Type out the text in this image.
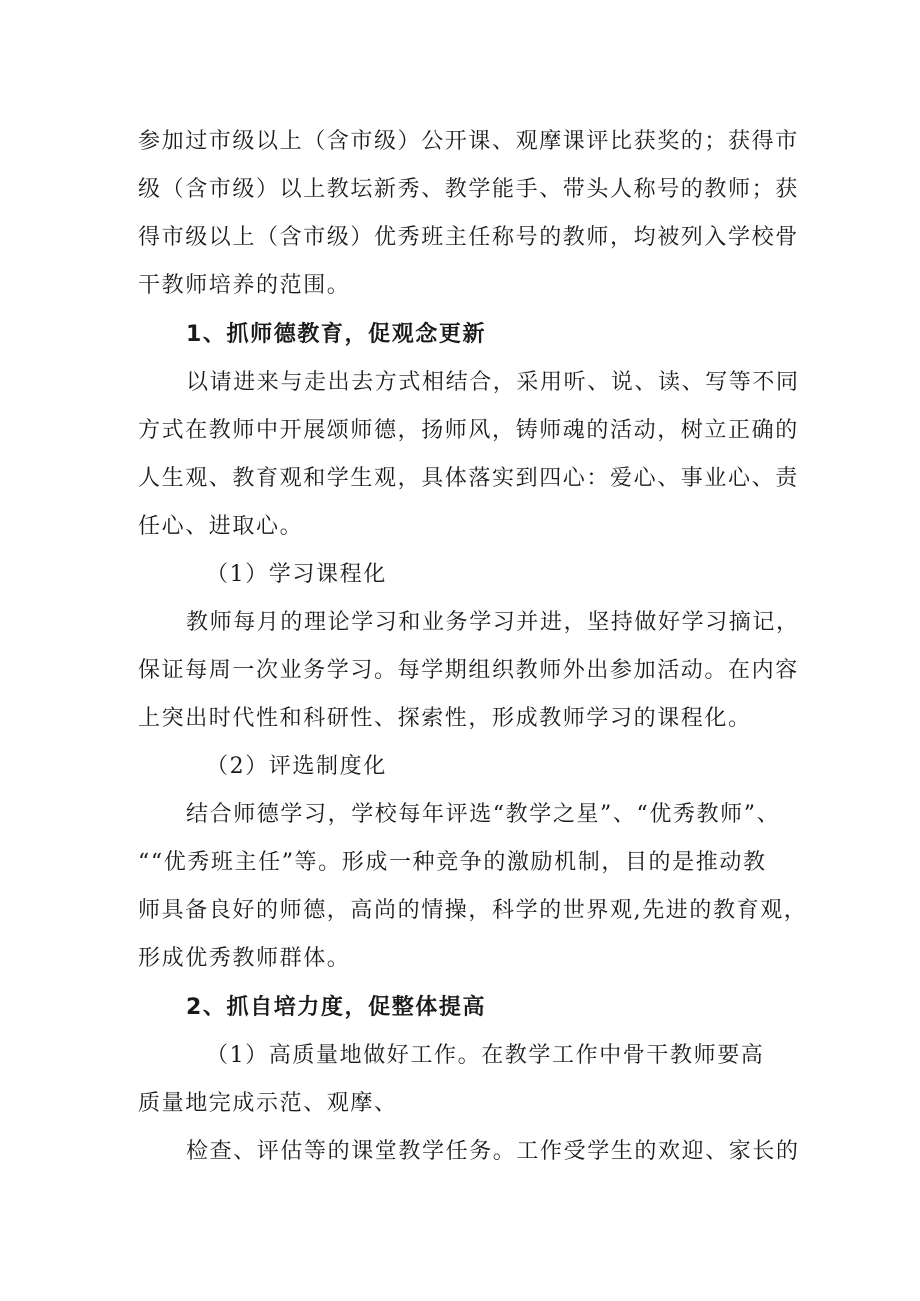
参加过市级以上（含市级）公开课、观摩课评比获奖的；获得市
级（含市级）以上教坛新秀、教学能手、带头人称号的教师；获
得市级以上（含市级）优秀班主任称号的教师，均被列入学校骨
干教师培养的范围。
1、抓师德教育，促观念更新
以请进来与走出去方式相结合，采用听、说、读、写等不同
方式在教师中开展颂师德，扬师风，铸师魂的活动，树立正确的
人生观、教育观和学生观，具体落实到四心：爱心、事业心、责
任心、进取心。
（1）学习课程化
教师每月的理论学习和业务学习并进，坚持做好学习摘记，
保证每周一次业务学习。每学期组织教师外出参加活动。在内容
上突出时代性和科研性、探索性，形成教师学习的课程化。
（2）评选制度化
结合师德学习，学校每年评选“教学之星”、“优秀教师”、
““优秀班主任”等。形成一种竞争的激励机制，目的是推动教
师具备良好的师德，高尚的情操，科学的世界观,先进的教育观，
形成优秀教师群体。
2、抓自培力度，促整体提高
（1）高质量地做好工作。在教学工作中骨干教师要高
质量地完成示范、观摩、
检查、评估等的课堂教学任务。工作受学生的欢迎、家长的
